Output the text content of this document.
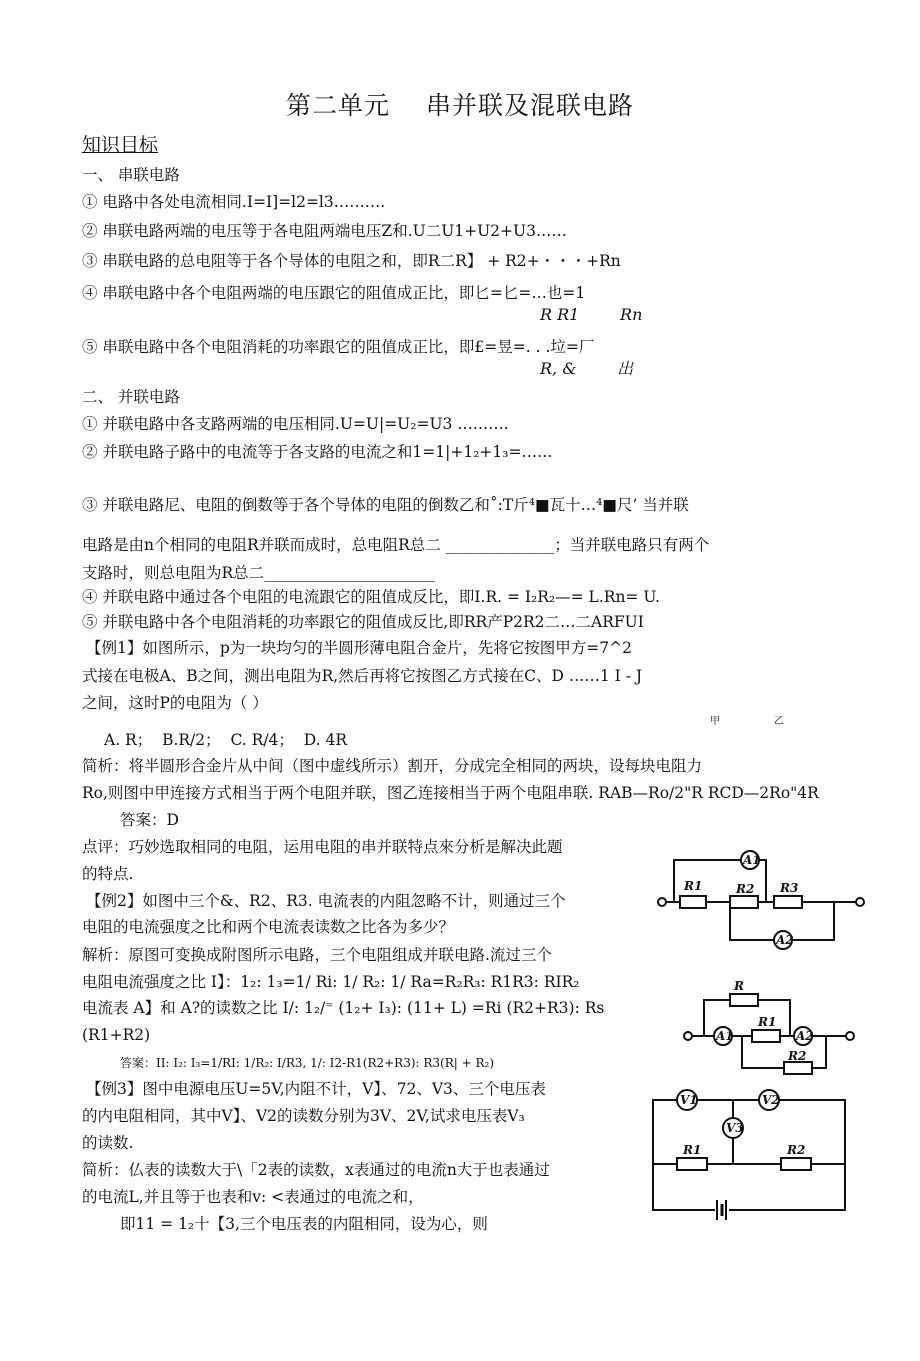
第二单元 串并联及混联电路
知识目标
一、 串联电路
① 电路中各处电流相同.I=I]=l2=l3……….
② 串联电路两端的电压等于各电阻两端电压Z和.U二U1+U2+U3……
③ 串联电路的总电阻等于各个导体的电阻之和，即R二R】 + R2+・・・+Rn
④ 串联电路中各个电阻两端的电压跟它的阻值成正比，即匕=匕=…也=1
R R1        Rn
⑤ 串联电路中各个电阻消耗的功率跟它的阻值成正比，即£=昱=. . .垃=厂
R, &        出
二、 并联电路
① 并联电路中各支路两端的电压相同.U=U|=U₂=U3 ……….
② 并联电路子路中的电流等于各支路的电流之和1=1|+1₂+1₃=……
③ 并联电路尼、电阻的倒数等于各个导体的电阻的倒数乙和˚:T斤⁴■瓦十…⁴■尺’ 当并联
电路是由n个相同的电阻R并联而成时，总电阻R总二 ______________；当并联电路只有两个
支路时，则总电阻为R总二______________________
④ 并联电路中通过各个电阻的电流跟它的阻值成反比，即I.R. = I₂R₂—= L.Rn= U.
⑤ 并联电路中各个电阻消耗的功率跟它的阻值成反比,即RR产P2R2二…二ARFUI
【例1】如图所示，p为一块均匀的半圆形薄电阻合金片，先将它按图甲方=7^2
式接在电极A、B之间，测出电阻为R,然后再将它按图乙方式接在C、D ……1 I - J
之间，这时P的电阻为（ ）
甲                 乙
A. R；  B.R/2；  C. R/4；  D. 4R
简析：将半圆形合金片从中间（图中虚线所示）割开，分成完全相同的两块，设每块电阻力
Ro,则图中甲连接方式相当于两个电阻并联，图乙连接相当于两个电阻串联. RAB—Ro/2"R RCD—2Ro"4R
答案：D
点评：巧妙选取相同的电阻，运用电阻的串并联特点來分析是解决此题
的特点.
【例2】如图中三个&、R2、R3. 电流表的内阻忽略不计，则通过三个
电阻的电流强度之比和两个电流表读数之比各为多少？
解析：原图可变换成附图所示电路，三个电阻组成并联电路.流过三个
电阻电流强度之比 I】：1₂: 1₃=1/ Ri: 1/ R₂: 1/ Ra=R₂R₃: R1R3: RIR₂
电流表 A】和 A?的读数之比 I/: 1₂/⁼ (1₂+ I₃): (11+ L) =Ri (R2+R3): Rs
(R1+R2)
答案：II: I₂: I₃=1/RI: 1/R₂: I/R3, 1/: I2-R1(R2+R3): R3(R| + R₂)
【例3】图中电源电压U=5V,内阻不计，V】、72、V3、三个电压表
的内电阻相同，其中V】、V2的读数分别为3V、2V,试求电压表V₃
的读数.
简析：仏表的读数大于\「2表的读数，x表通过的电流n大于也表通过
的电流L,并且等于也表和v: <表通过的电流之和，
即11 = 1₂十【3,三个电压表的内阻相同，设为心，则
R1	R2 R3
A1
A2
R
R1
R2
A1	A2
V1	V2
V3
R1	R2
